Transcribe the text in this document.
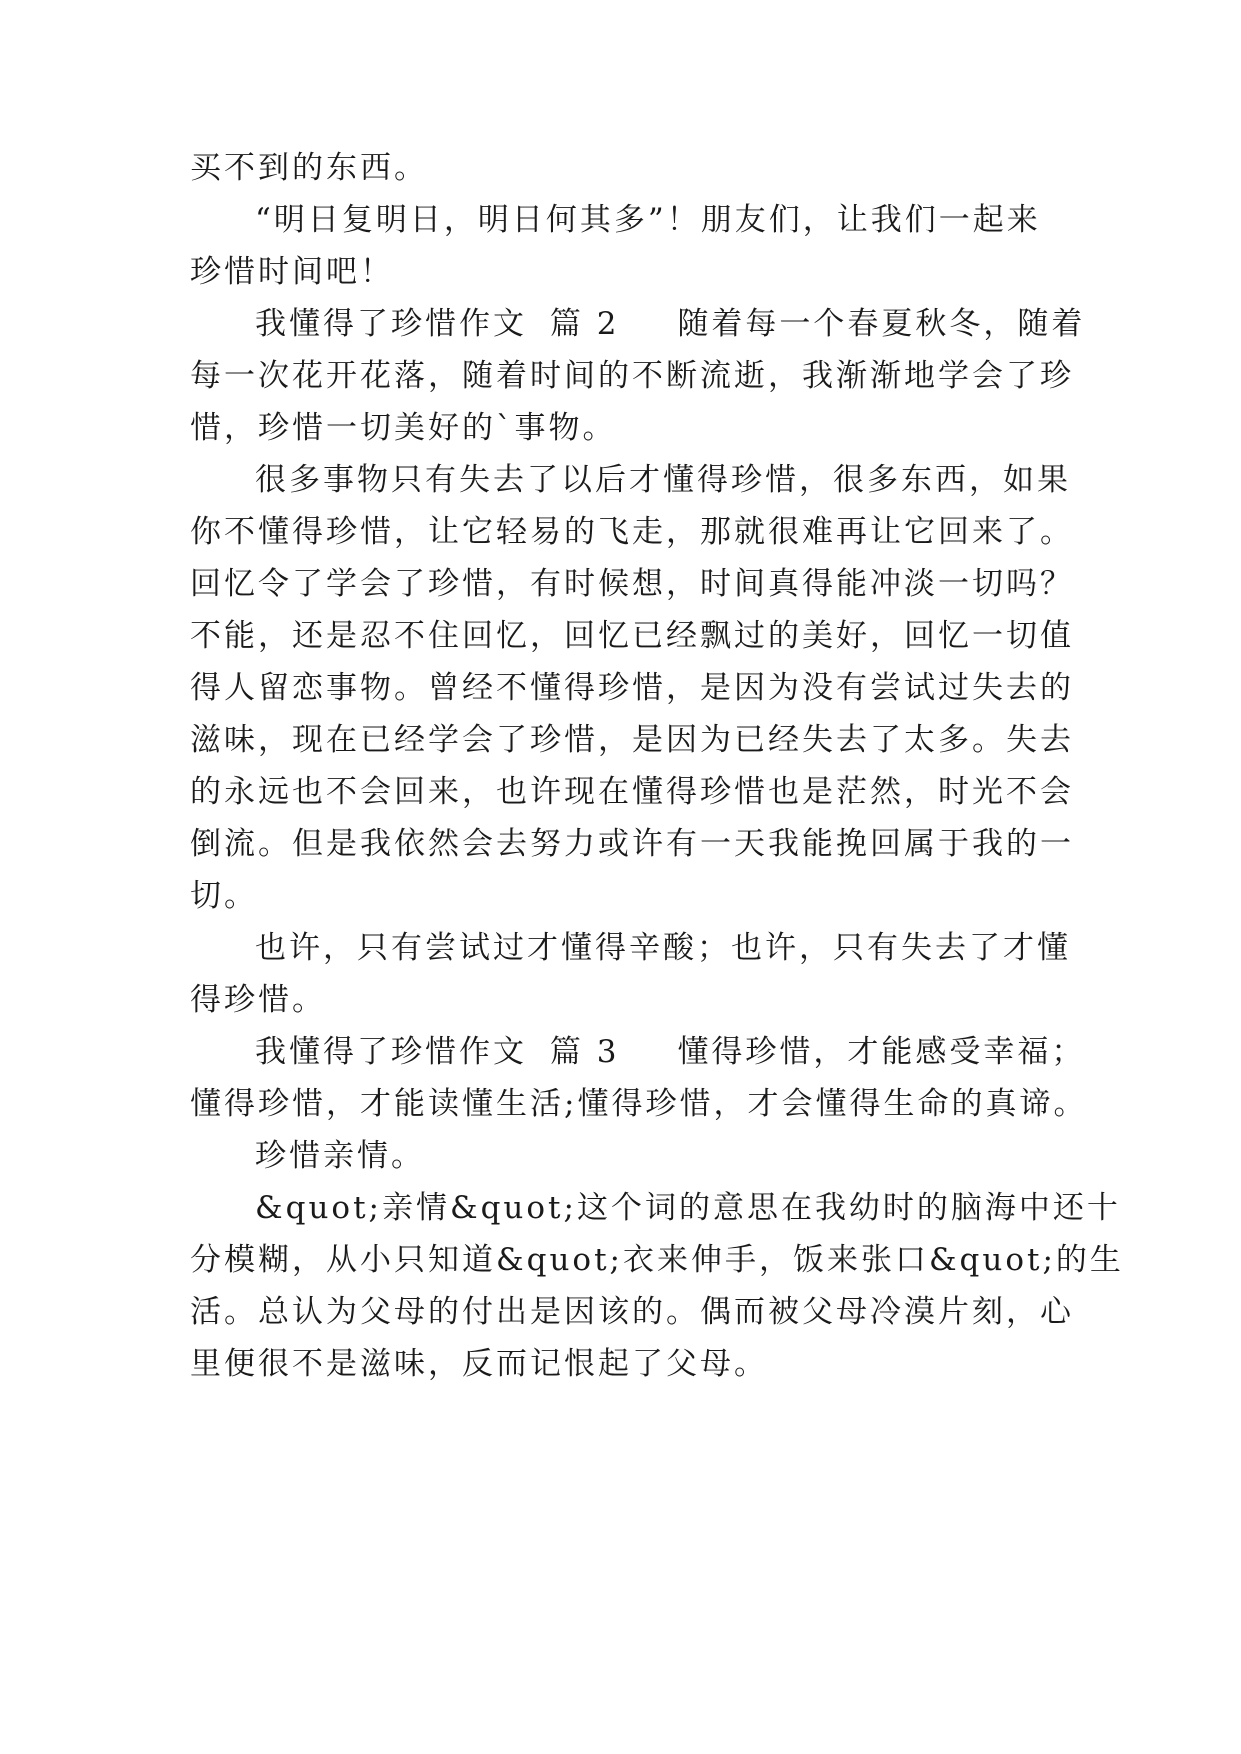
买不到的东西。
“明日复明日，明日何其多”！朋友们，让我们一起来
珍惜时间吧！
我懂得了珍惜作文 篇 2 随着每一个春夏秋冬，随着
每一次花开花落，随着时间的不断流逝，我渐渐地学会了珍
惜，珍惜一切美好的`事物。
很多事物只有失去了以后才懂得珍惜，很多东西，如果
你不懂得珍惜，让它轻易的飞走，那就很难再让它回来了。
回忆令了学会了珍惜，有时候想，时间真得能冲淡一切吗？
不能，还是忍不住回忆，回忆已经飘过的美好，回忆一切值
得人留恋事物。曾经不懂得珍惜，是因为没有尝试过失去的
滋味，现在已经学会了珍惜，是因为已经失去了太多。失去
的永远也不会回来，也许现在懂得珍惜也是茫然，时光不会
倒流。但是我依然会去努力或许有一天我能挽回属于我的一
切。
也许，只有尝试过才懂得辛酸；也许，只有失去了才懂
得珍惜。
我懂得了珍惜作文 篇 3 懂得珍惜，才能感受幸福；
懂得珍惜，才能读懂生活;懂得珍惜，才会懂得生命的真谛。
珍惜亲情。
&quot;亲情&quot;这个词的意思在我幼时的脑海中还十
分模糊，从小只知道&quot;衣来伸手，饭来张口&quot;的生
活。总认为父母的付出是因该的。偶而被父母冷漠片刻，心
里便很不是滋味，反而记恨起了父母。
